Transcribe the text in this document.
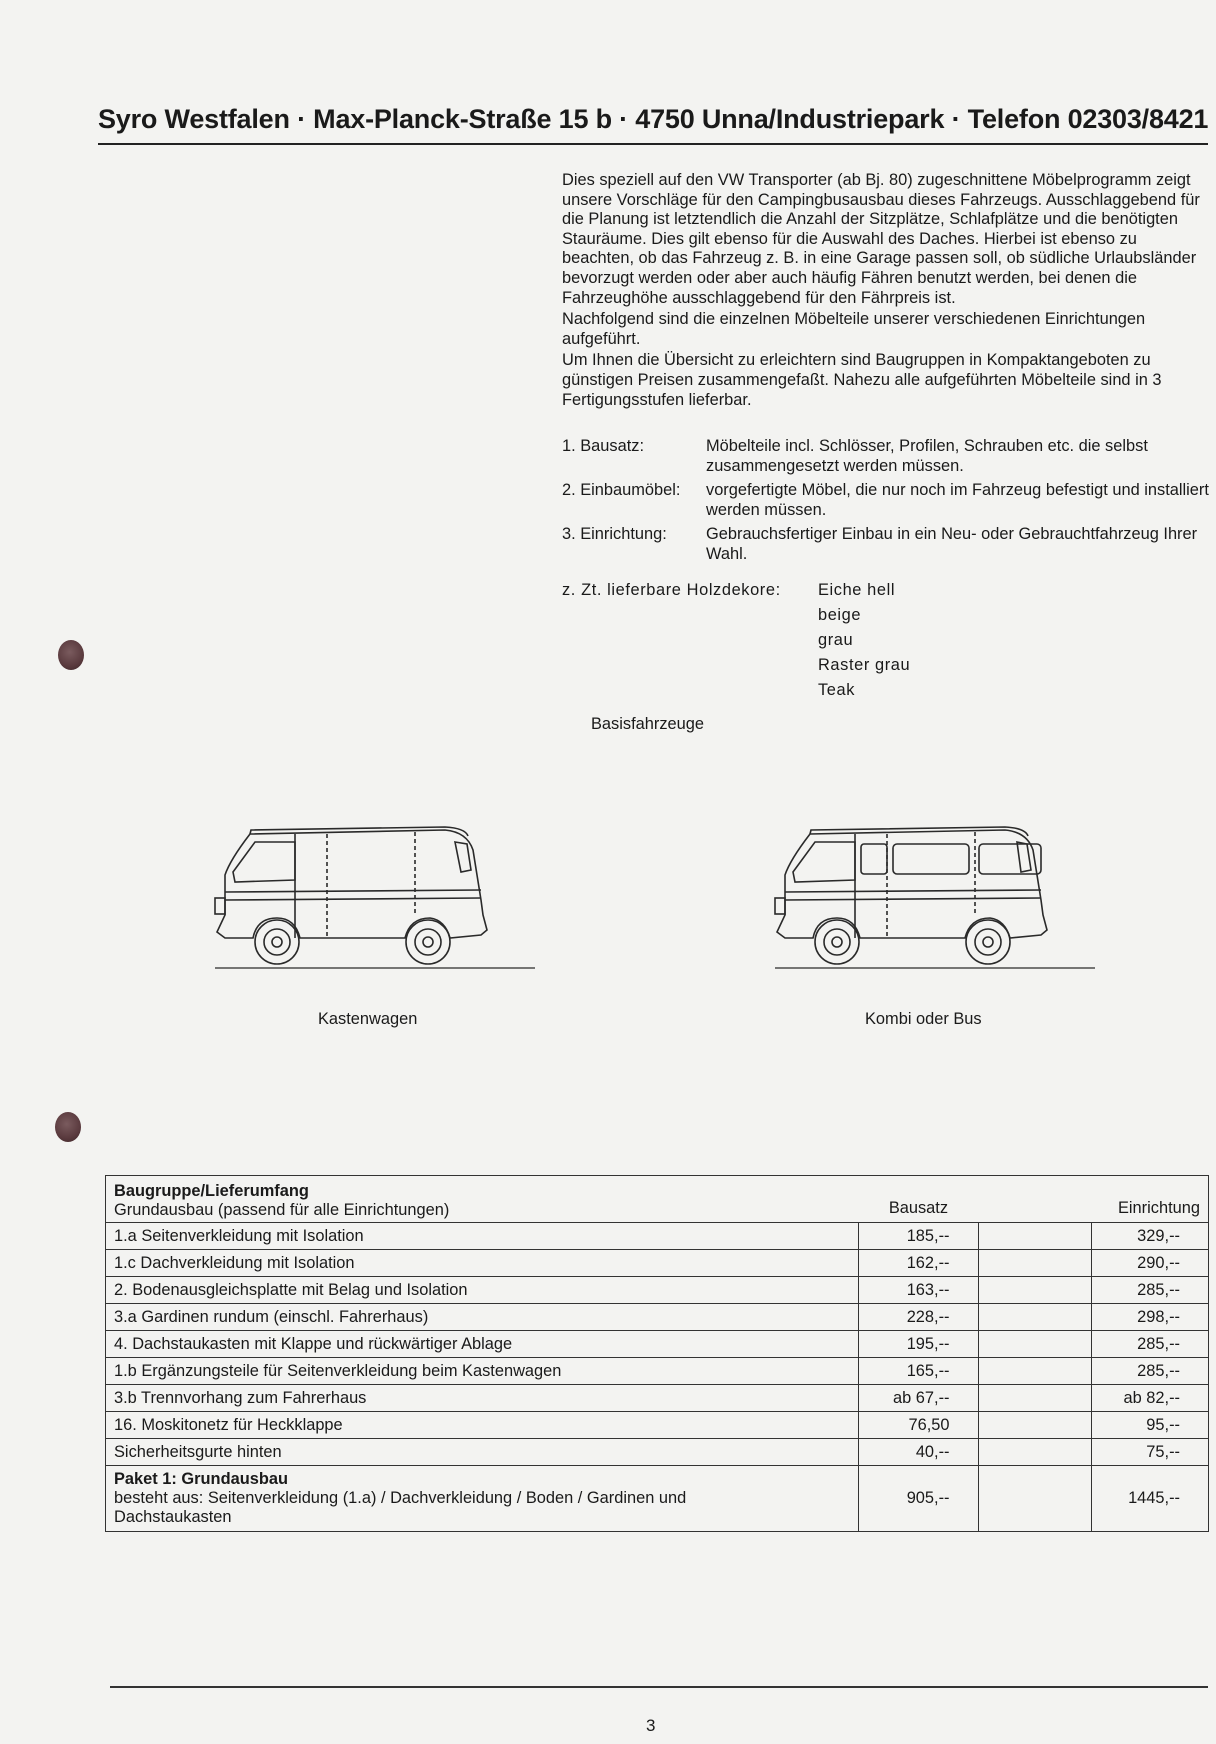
Syro Westfalen · Max-Planck-Straße 15 b · 4750 Unna/Industriepark · Telefon 02303/8421

Dies speziell auf den VW Transporter (ab Bj. 80) zugeschnittene Möbelprogramm zeigt unsere Vorschläge für den Campingbusausbau dieses Fahrzeugs. Ausschlaggebend für die Planung ist letztendlich die Anzahl der Sitzplätze, Schlafplätze und die benötigten Stauräume. Dies gilt ebenso für die Auswahl des Daches. Hierbei ist ebenso zu beachten, ob das Fahrzeug z. B. in eine Garage passen soll, ob südliche Urlaubsländer bevorzugt werden oder aber auch häufig Fähren benutzt werden, bei denen die Fahrzeughöhe ausschlaggebend für den Fährpreis ist.

Nachfolgend sind die einzelnen Möbelteile unserer verschiedenen Einrichtungen aufgeführt.

Um Ihnen die Übersicht zu erleichtern sind Baugruppen in Kompaktangeboten zu günstigen Preisen zusammengefaßt. Nahezu alle aufgeführten Möbelteile sind in 3 Fertigungsstufen lieferbar.

1. Bausatz:	Möbelteile incl. Schlösser, Profilen, Schrauben etc. die selbst zusammengesetzt werden müssen.
2. Einbaumöbel:	vorgefertigte Möbel, die nur noch im Fahrzeug befestigt und installiert werden müssen.
3. Einrichtung:	Gebrauchsfertiger Einbau in ein Neu- oder Gebrauchtfahrzeug Ihrer Wahl.
z. Zt. lieferbare Holzdekore:	Eiche hell
beige
grau
Raster grau
Teak
Basisfahrzeuge
Kastenwagen	Kombi oder Bus
Baugruppe/Lieferumfang
Grundausbau (passend für alle Einrichtungen)	Bausatz		Einrichtung
1.a Seitenverkleidung mit Isolation	185,--		329,--
1.c Dachverkleidung mit Isolation	162,--		290,--
2. Bodenausgleichsplatte mit Belag und Isolation	163,--		285,--
3.a Gardinen rundum (einschl. Fahrerhaus)	228,--		298,--
4. Dachstaukasten mit Klappe und rückwärtiger Ablage	195,--		285,--
1.b Ergänzungsteile für Seitenverkleidung beim Kastenwagen	165,--		285,--
3.b Trennvorhang zum Fahrerhaus	ab 67,--		ab 82,--
16. Moskitonetz für Heckklappe	76,50		95,--
Sicherheitsgurte hinten	40,--		75,--

Paket 1: Grundausbau
besteht aus: Seitenverkleidung (1.a) / Dachverkleidung / Boden / Gardinen und Dachstaukasten	905,--		1445,--
3
